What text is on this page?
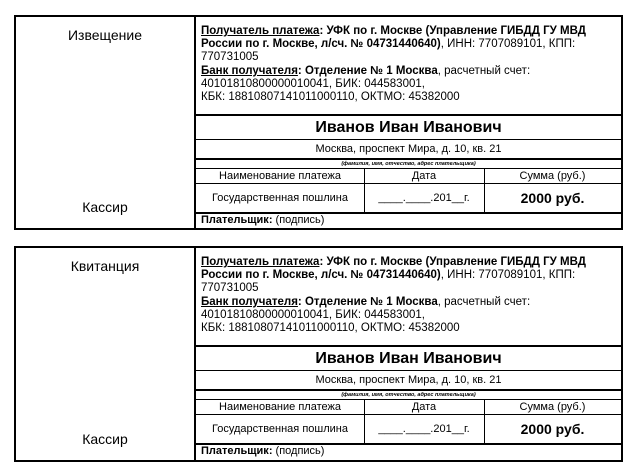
Извещение
Кассир
Получатель платежа: УФК по г. Москве (Управление ГИБДД ГУ МВД России по г. Москве, л/сч. № 04731440640), ИНН: 7707089101, КПП: 770731005
Банк получателя: Отделение № 1 Москва, расчетный счет: 40101810800000010041, БИК: 044583001,
КБК: 18810807141011000110, ОКТМО: 45382000
Иванов Иван Иванович
Москва, проспект Мира, д. 10, кв. 21
(фамилия, имя, отчество, адрес плательщика)
Наименование платежа	Дата	Сумма (руб.)
Государственная пошлина	____.____.201__г.	2000 руб.
Плательщик: (подпись)
Квитанция
Кассир
Получатель платежа: УФК по г. Москве (Управление ГИБДД ГУ МВД России по г. Москве, л/сч. № 04731440640), ИНН: 7707089101, КПП: 770731005
Банк получателя: Отделение № 1 Москва, расчетный счет: 40101810800000010041, БИК: 044583001,
КБК: 18810807141011000110, ОКТМО: 45382000
Иванов Иван Иванович
Москва, проспект Мира, д. 10, кв. 21
(фамилия, имя, отчество, адрес плательщика)
Наименование платежа	Дата	Сумма (руб.)
Государственная пошлина	____.____.201__г.	2000 руб.
Плательщик: (подпись)
